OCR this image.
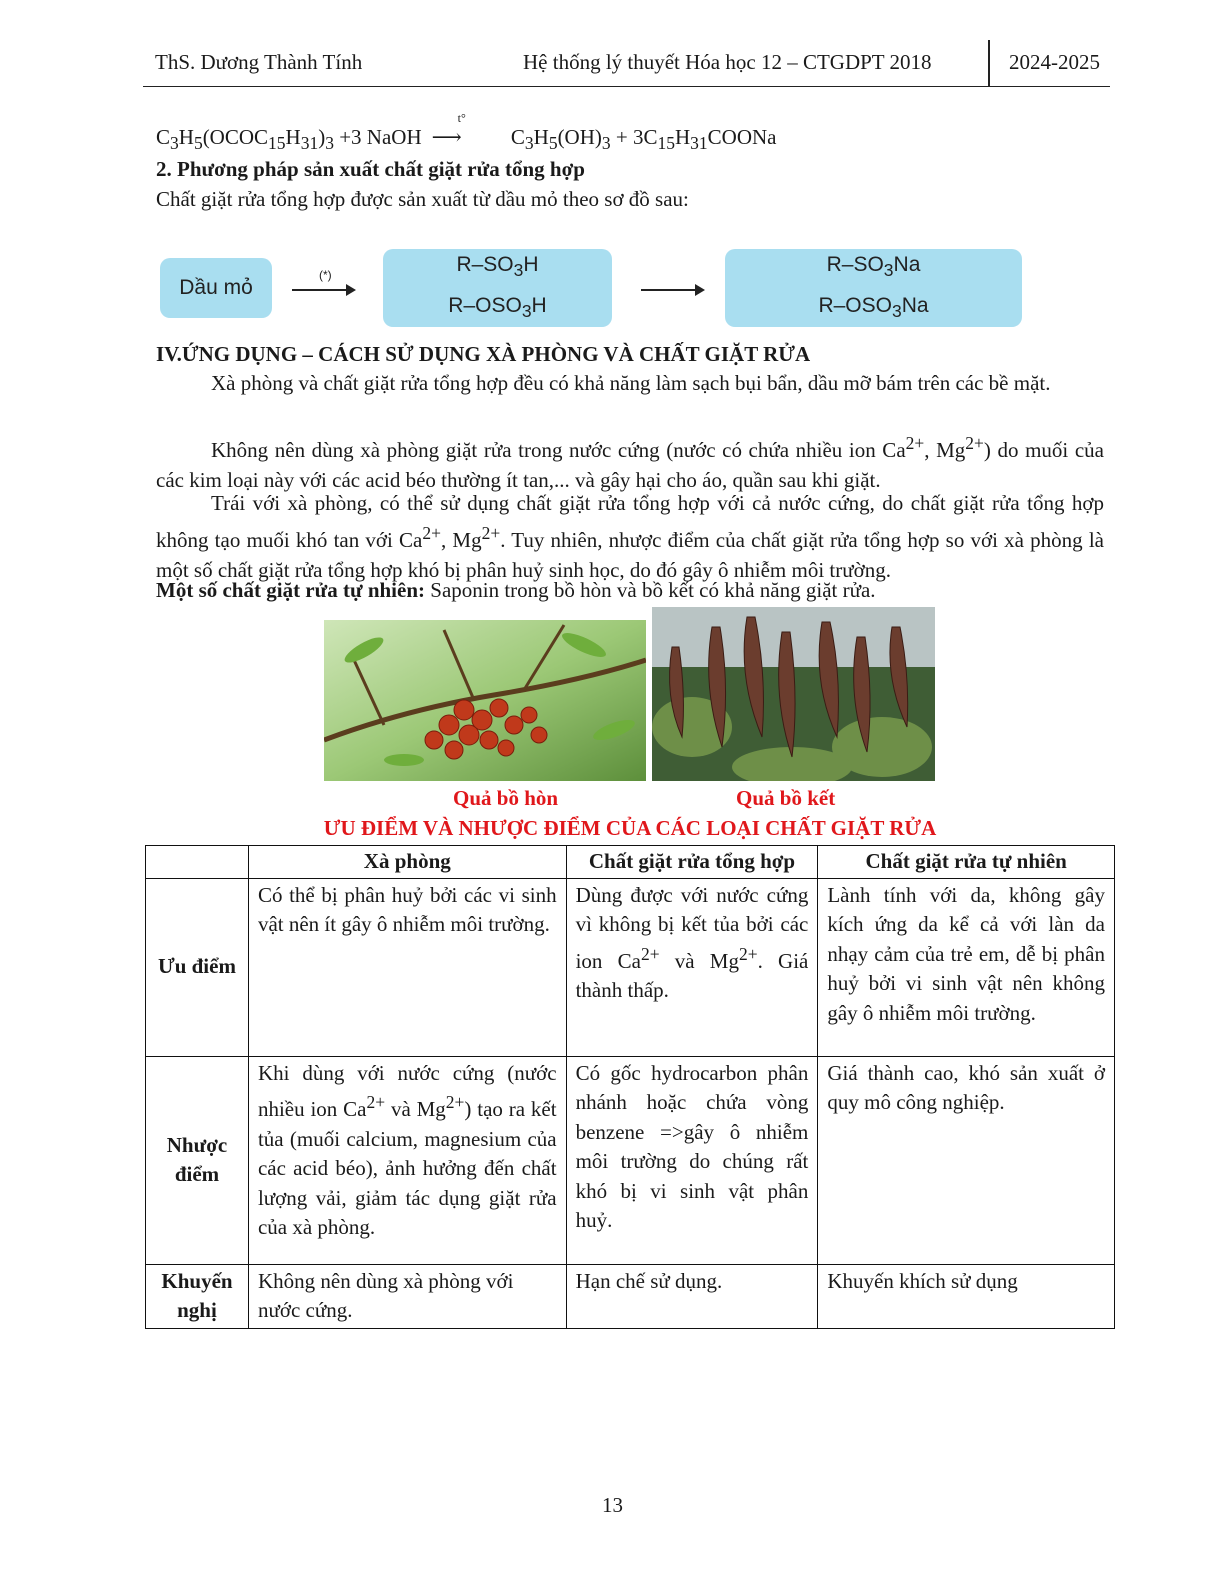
ThS. Dương Thành Tính	Hệ thống lý thuyết Hóa học 12 – CTGDPT 2018	2024-2025
$C_3H_5(OCOC_{15}H_{31})_3 +3$ NaOH
t°
⟶ $C_3H_5(OH)_3$ + $3C_{15}H_{31}COONa$
2. Phương pháp sản xuất chất giặt rửa tổng hợp
Chất giặt rửa tổng hợp được sản xuất từ dầu mỏ theo sơ đồ sau:
Dầu mỏ
(*)	$R-SO_3H$
$R-OSO_3H$
$R-SO_3Na$
$R-OSO_3Na$
IV.ỨNG DỤNG – CÁCH SỬ DỤNG XÀ PHÒNG VÀ CHẤT GIẶT RỬA
Xà phòng và chất giặt rửa tổng hợp đều có khả năng làm sạch bụi bẩn, dầu mỡ bám trên các bề mặt.
Không nên dùng xà phòng giặt rửa trong nước cứng (nước có chứa nhiều ion $Ca^{2+}$, $Mg^{2+}$) do muối của các kim loại này với các acid béo thường ít tan,... và gây hại cho áo, quần sau khi giặt.
Trái với xà phòng, có thể sử dụng chất giặt rửa tổng hợp với cả nước cứng, do chất giặt rửa tổng hợp không tạo muối khó tan với $Ca^{2+}$, $Mg^{2+}$. Tuy nhiên, nhược điểm của chất giặt rửa tổng hợp so với xà phòng là một số chất giặt rửa tổng hợp khó bị phân huỷ sinh học, do đó gây ô nhiễm môi trường.
Một số chất giặt rửa tự nhiên: Saponin trong bồ hòn và bồ kết có khả năng giặt rửa.
Quả bồ hòn	Quả bồ kết
ƯU ĐIỂM VÀ NHƯỢC ĐIỂM CỦA CÁC LOẠI CHẤT GIẶT RỬA
	Xà phòng	Chất giặt rửa tổng hợp	Chất giặt rửa tự nhiên
Ưu điểm	Có thể bị phân huỷ bởi các vi sinh vật nên ít gây ô nhiễm môi trường.	Dùng được với nước cứng vì không bị kết tủa bởi các ion $Ca^{2+}$ và $Mg^{2+}$. Giá thành thấp.	Lành tính với da, không gây kích ứng da kể cả với làn da nhạy cảm của trẻ em, dễ bị phân huỷ bởi vi sinh vật nên không gây ô nhiễm môi trường.
Nhược điểm	Khi dùng với nước cứng (nước nhiều ion $Ca^{2+}$ và $Mg^{2+}$) tạo ra kết tủa (muối calcium, magnesium của các acid béo), ảnh hưởng đến chất lượng vải, giảm tác dụng giặt rửa của xà phòng.	Có gốc hydrocarbon phân nhánh hoặc chứa vòng benzene =>gây ô nhiễm môi trường do chúng rất khó bị vi sinh vật phân huỷ.	Giá thành cao, khó sản xuất ở quy mô công nghiệp.
Khuyến nghị	Không nên dùng xà phòng với nước cứng.	Hạn chế sử dụng.	Khuyến khích sử dụng
13
